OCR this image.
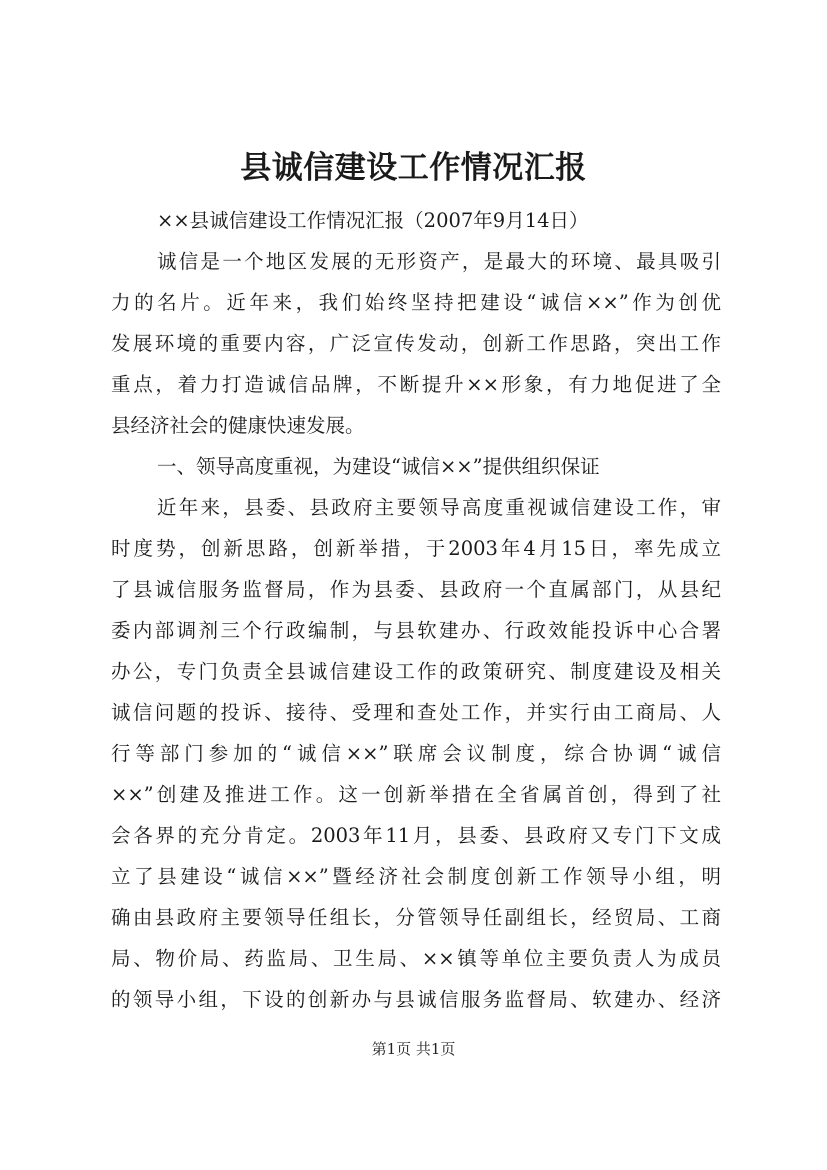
县诚信建设工作情况汇报
××县诚信建设工作情况汇报（2007年9月14日）
诚信是一个地区发展的无形资产，是最大的环境、最具吸引
力的名片。近年来，我们始终坚持把建设“诚信××”作为创优
发展环境的重要内容，广泛宣传发动，创新工作思路，突出工作
重点，着力打造诚信品牌，不断提升××形象，有力地促进了全
县经济社会的健康快速发展。
一、领导高度重视，为建设“诚信××”提供组织保证
近年来，县委、县政府主要领导高度重视诚信建设工作，审
时度势，创新思路，创新举措，于2003年4月15日，率先成立
了县诚信服务监督局，作为县委、县政府一个直属部门，从县纪
委内部调剂三个行政编制，与县软建办、行政效能投诉中心合署
办公，专门负责全县诚信建设工作的政策研究、制度建设及相关
诚信问题的投诉、接待、受理和查处工作，并实行由工商局、人
行等部门参加的“诚信××”联席会议制度，综合协调“诚信
××”创建及推进工作。这一创新举措在全省属首创，得到了社
会各界的充分肯定。2003年11月，县委、县政府又专门下文成
立了县建设“诚信××”暨经济社会制度创新工作领导小组，明
确由县政府主要领导任组长，分管领导任副组长，经贸局、工商
局、物价局、药监局、卫生局、××镇等单位主要负责人为成员
的领导小组，下设的创新办与县诚信服务监督局、软建办、经济
第1页 共1页
